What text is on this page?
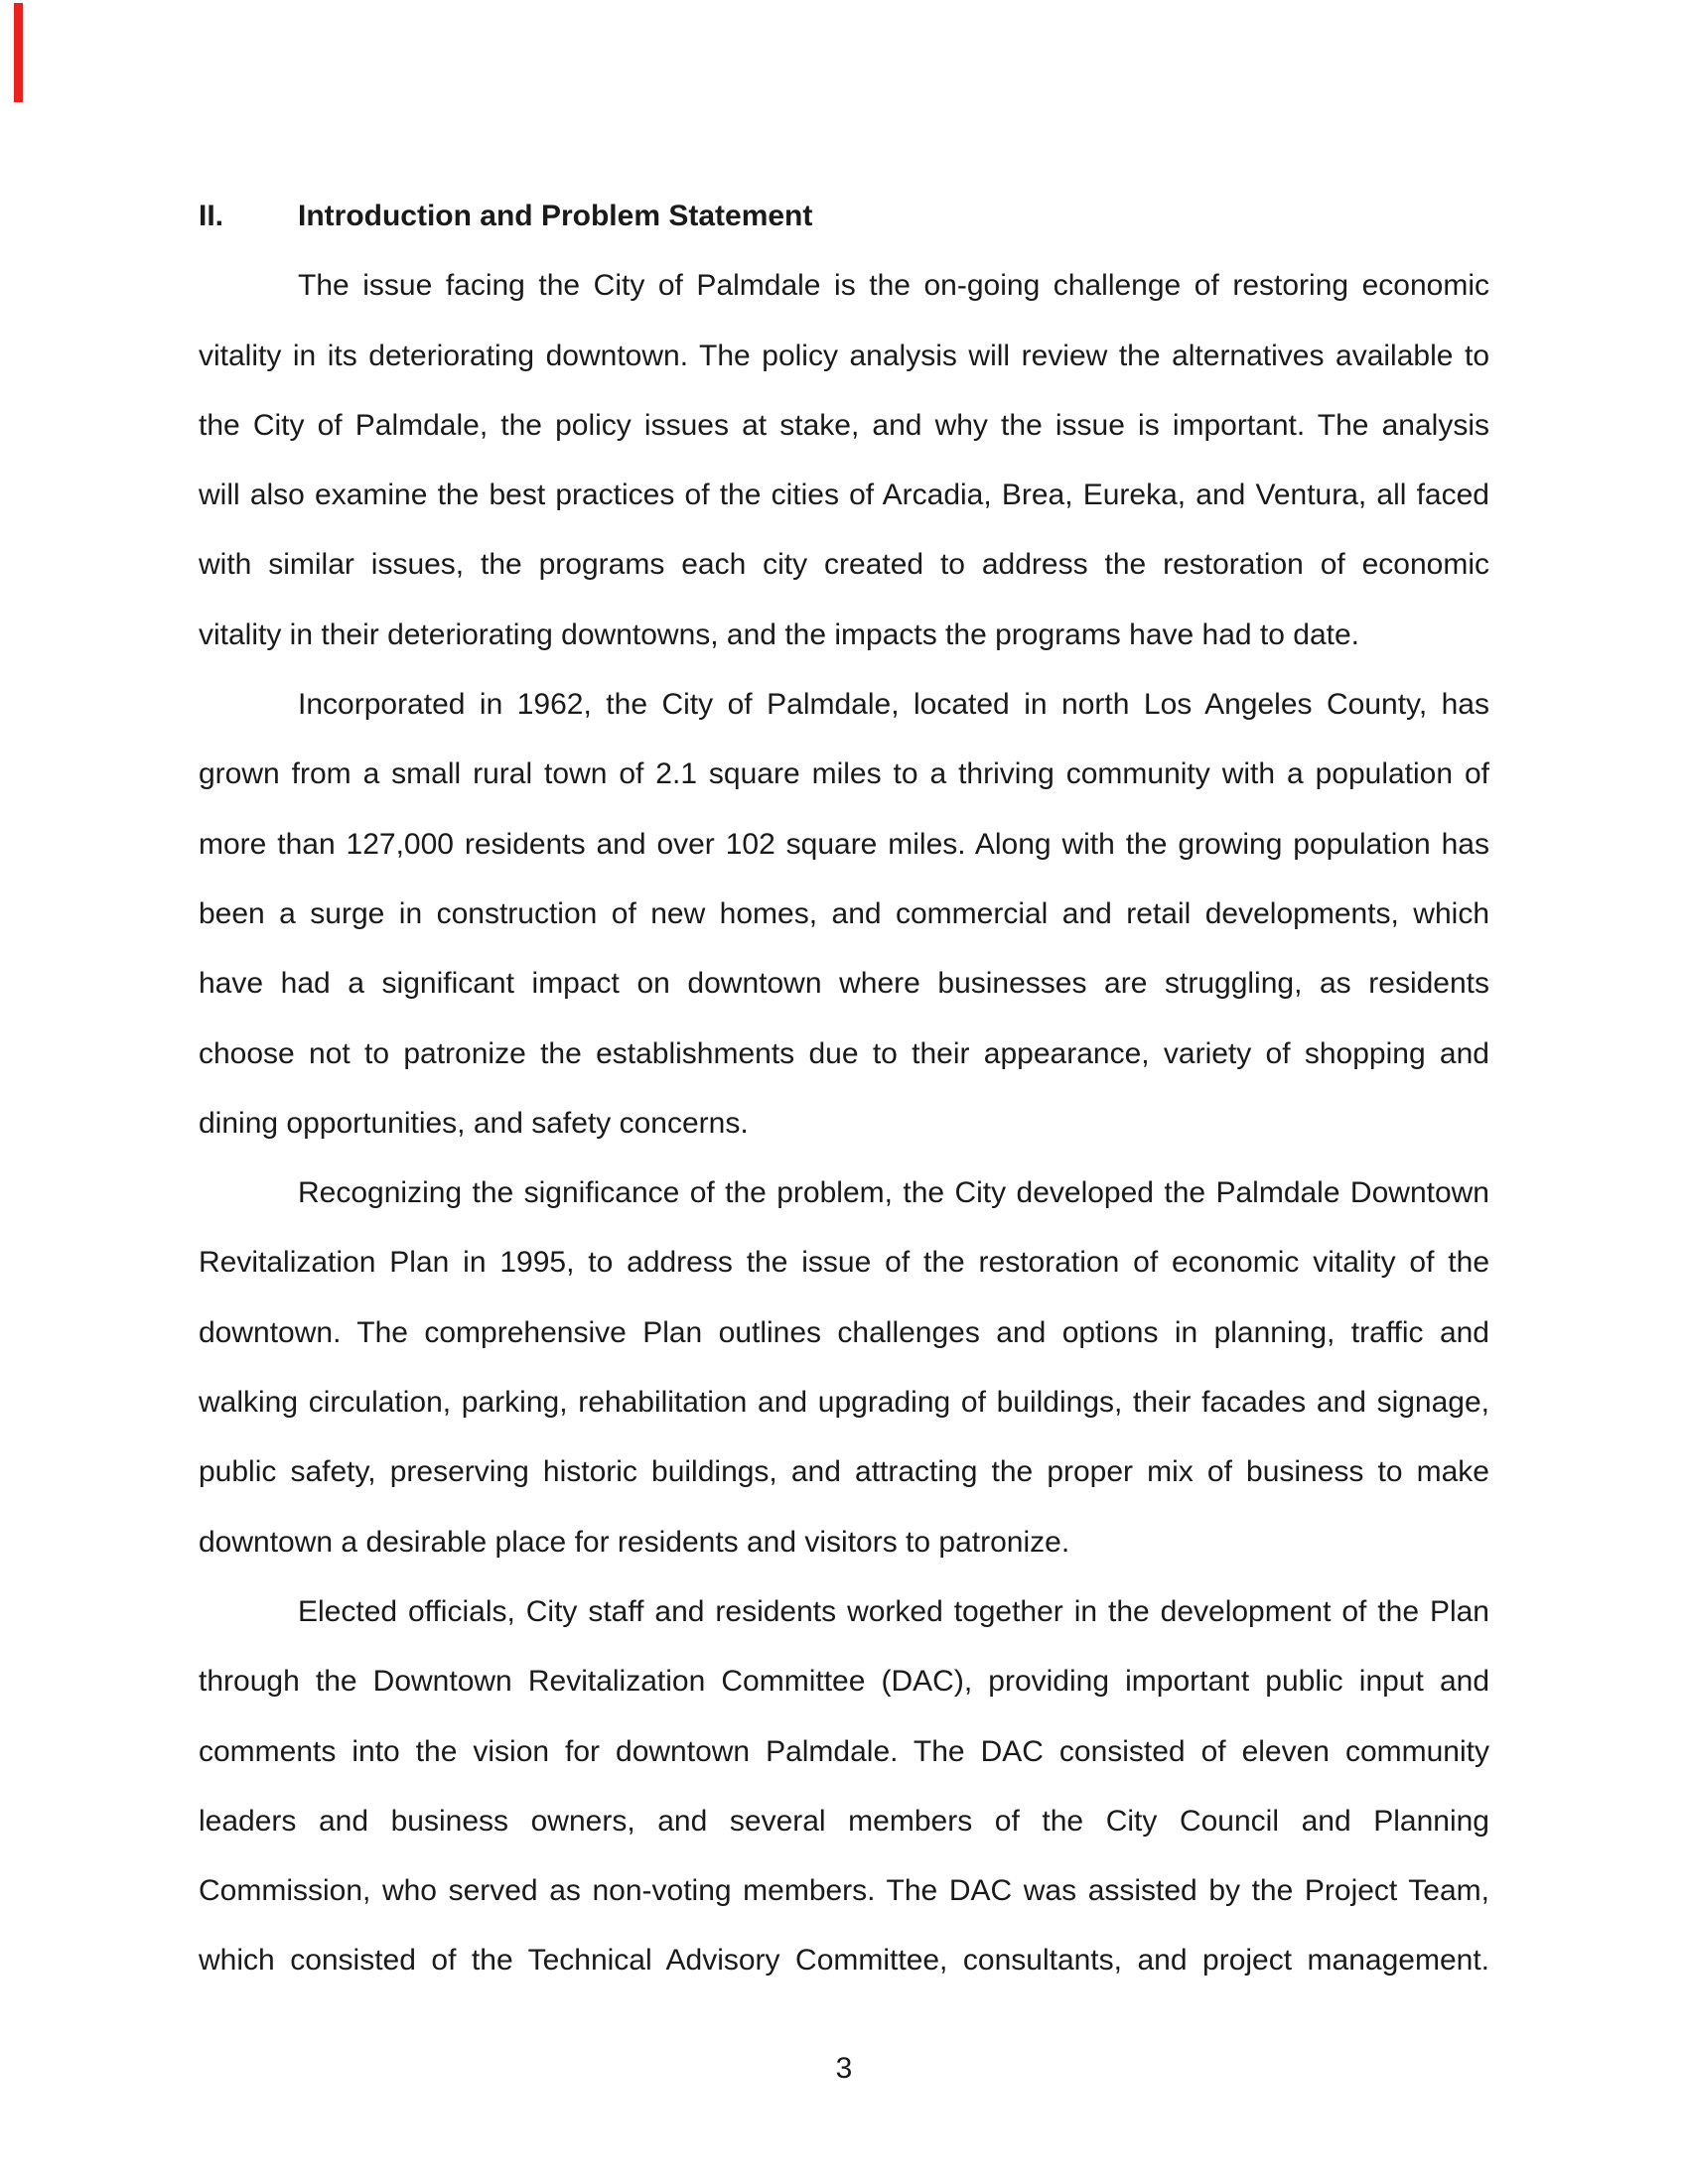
II. Introduction and Problem Statement
The issue facing the City of Palmdale is the on-going challenge of restoring economic
vitality in its deteriorating downtown. The policy analysis will review the alternatives available to
the City of Palmdale, the policy issues at stake, and why the issue is important. The analysis
will also examine the best practices of the cities of Arcadia, Brea, Eureka, and Ventura, all faced
with similar issues, the programs each city created to address the restoration of economic
vitality in their deteriorating downtowns, and the impacts the programs have had to date.
Incorporated in 1962, the City of Palmdale, located in north Los Angeles County, has
grown from a small rural town of 2.1 square miles to a thriving community with a population of
more than 127,000 residents and over 102 square miles. Along with the growing population has
been a surge in construction of new homes, and commercial and retail developments, which
have had a significant impact on downtown where businesses are struggling, as residents
choose not to patronize the establishments due to their appearance, variety of shopping and
dining opportunities, and safety concerns.
Recognizing the significance of the problem, the City developed the Palmdale Downtown
Revitalization Plan in 1995, to address the issue of the restoration of economic vitality of the
downtown. The comprehensive Plan outlines challenges and options in planning, traffic and
walking circulation, parking, rehabilitation and upgrading of buildings, their facades and signage,
public safety, preserving historic buildings, and attracting the proper mix of business to make
downtown a desirable place for residents and visitors to patronize.
Elected officials, City staff and residents worked together in the development of the Plan
through the Downtown Revitalization Committee (DAC), providing important public input and
comments into the vision for downtown Palmdale. The DAC consisted of eleven community
leaders and business owners, and several members of the City Council and Planning
Commission, who served as non-voting members. The DAC was assisted by the Project Team,
which consisted of the Technical Advisory Committee, consultants, and project management.
3
